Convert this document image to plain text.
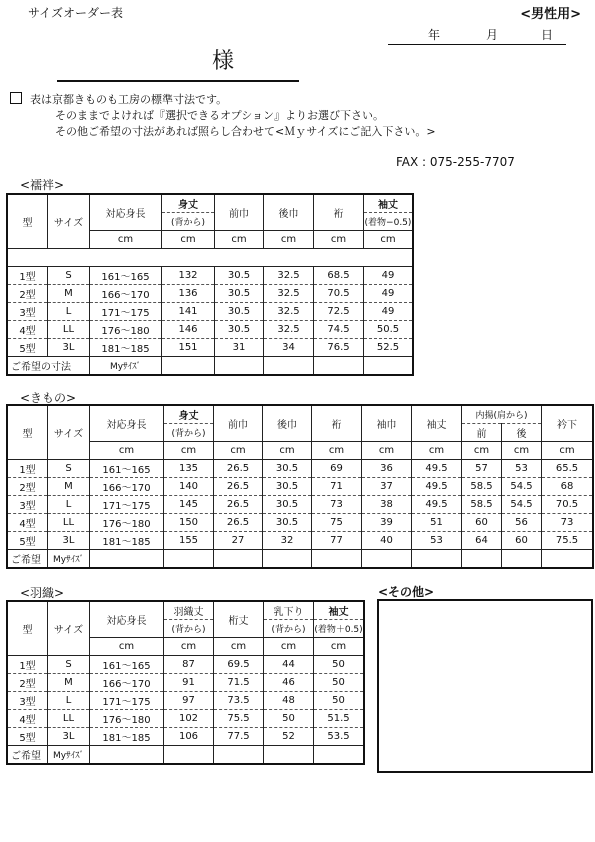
サイズオーダー表	<男性用>
年	月	日
様
表は京都きものも工房の標準寸法です。
そのままでよければ『選択できるオプション』よりお選び下さい。
その他ご希望の寸法があれば照らし合わせて<Ｍｙサイズにご記入下さい。>
FAX : 075-255-7707
<襦袢>
型	サイズ	対応身長	身丈	前巾	後巾	裄	袖丈
			(背から)				(着物−0.5)
		cm	cm	cm	cm	cm	cm

1型	S	161～165	132	30.5	32.5	68.5	49
2型	M	166～170	136	30.5	32.5	70.5	49
3型	L	171～175	141	30.5	32.5	72.5	49
4型	LL	176～180	146	30.5	32.5	74.5	50.5
5型	3L	181～185	151	31	34	76.5	52.5
ご希望の寸法		Myｻｲｽﾞ					
<きもの>
型	サイズ	対応身長	身丈	前巾	後巾	裄	袖巾	袖丈	内揚(肩から)		衿下
			(背から)						前	後	
		cm	cm	cm	cm	cm	cm	cm	cm	cm	cm
1型	S	161～165	135	26.5	30.5	69	36	49.5	57	53	65.5
2型	M	166～170	140	26.5	30.5	71	37	49.5	58.5	54.5	68
3型	L	171～175	145	26.5	30.5	73	38	49.5	58.5	54.5	70.5
4型	LL	176～180	150	26.5	30.5	75	39	51	60	56	73
5型	3L	181～185	155	27	32	77	40	53	64	60	75.5
ご希望	Myｻｲｽﾞ										
<羽織>
型	サイズ	対応身長	羽織丈	桁丈	乳下り	袖丈
			(背から)		(背から)	(着物＋0.5)
		cm	cm	cm	cm	cm
1型	S	161～165	87	69.5	44	50
2型	M	166～170	91	71.5	46	50
3型	L	171～175	97	73.5	48	50
4型	LL	176～180	102	75.5	50	51.5
5型	3L	181～185	106	77.5	52	53.5
ご希望	Myｻｲｽﾞ					
<その他>
